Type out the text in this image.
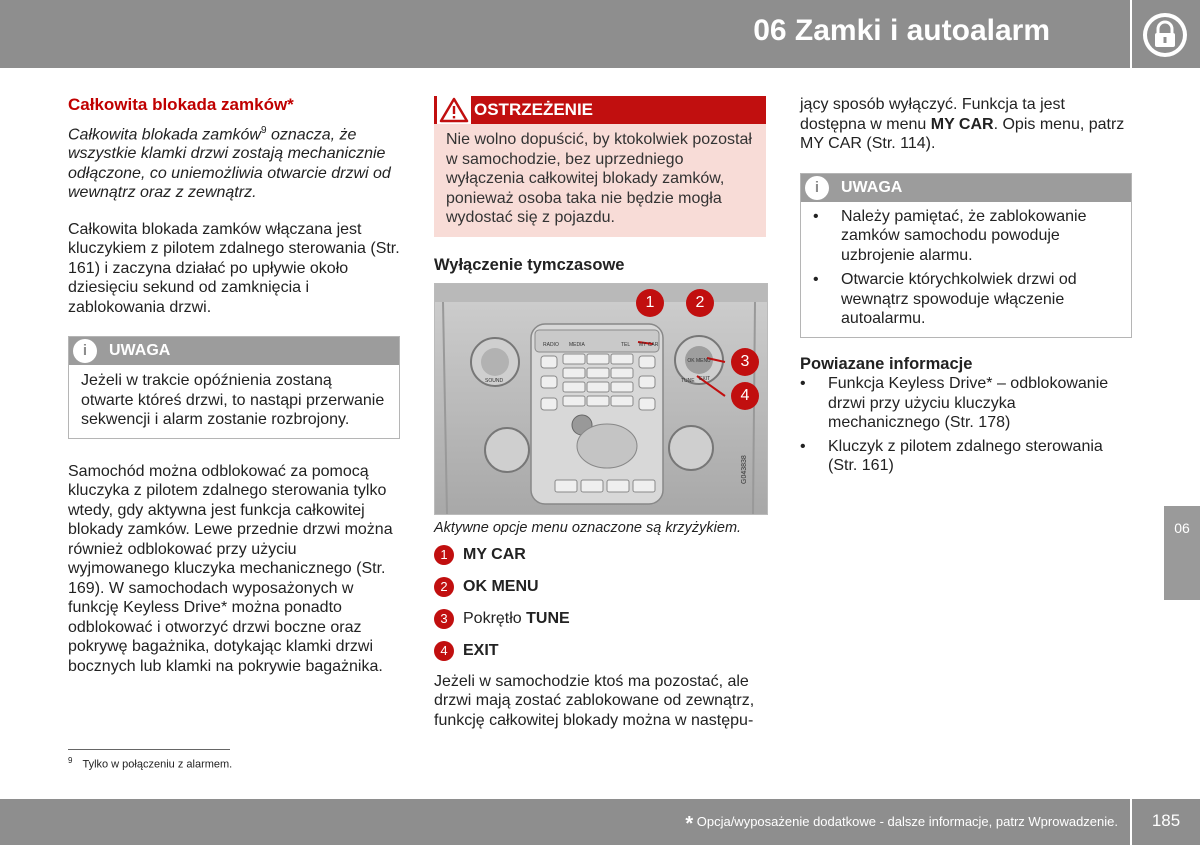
06 Zamki i autoalarm
06
Całkowita blokada zamków*

Całkowita blokada zamków$^9$ oznacza, że wszystkie klamki drzwi zostają mechanicznie odłączone, co uniemożliwia otwarcie drzwi od wewnątrz oraz z zewnątrz.

Całkowita blokada zamków włączana jest kluczykiem z pilotem zdalnego sterowania (Str. 161) i zaczyna działać po upływie około dziesięciu sekund od zamknięcia i zablokowania drzwi.

i	UWAGA
Jeżeli w trakcie opóźnienia zostaną otwarte któreś drzwi, to nastąpi przerwanie sekwencji i alarm zostanie rozbrojony.

Samochód można odblokować za pomocą kluczyka z pilotem zdalnego sterowania tylko wtedy, gdy aktywna jest funkcja całkowitej blokady zamków. Lewe przednie drzwi można również odblokować przy użyciu wyjmowanego kluczyka mechanicznego (Str. 169). W samochodach wyposażonych w funkcję Keyless Drive* można ponadto odblokować i otworzyć drzwi boczne oraz pokrywę bagażnika, dotykając klamki drzwi bocznych lub klamki na pokrywie bagażnika.

OSTRZEŻENIE
Nie wolno dopuścić, by ktokolwiek pozostał w samochodzie, bez uprzedniego wyłączenia całkowitej blokady zamków, ponieważ osoba taka nie będzie mogła wydostać się z pojazdu.
Wyłączenie tymczasowe
RADIO MEDIA	TEL MY CAR
SOUND
OK MENU
TUNE EXIT
G043838
1	2
3
4

Aktywne opcje menu oznaczone są krzyżykiem.

1 MY CAR
2 OK MENU
3 Pokrętło TUNE
4 EXIT

Jeżeli w samochodzie ktoś ma pozostać, ale drzwi mają zostać zablokowane od zewnątrz, funkcję całkowitej blokady można w następu-

jący sposób wyłączyć. Funkcja ta jest dostępna w menu MY CAR. Opis menu, patrz MY CAR (Str. 114).

i	UWAGA
•	Należy pamiętać, że zablokowanie zamków samochodu powoduje uzbrojenie alarmu.
•	Otwarcie którychkolwiek drzwi od wewnątrz spowoduje włączenie autoalarmu.
Powiazane informacje
•	Funkcja Keyless Drive* – odblokowanie drzwi przy użyciu kluczyka mechanicznego (Str. 178)
•	Kluczyk z pilotem zdalnego sterowania (Str. 161)
$^9$ Tylko w połączeniu z alarmem.
* Opcja/wyposażenie dodatkowe - dalsze informacje, patrz Wprowadzenie.	185
